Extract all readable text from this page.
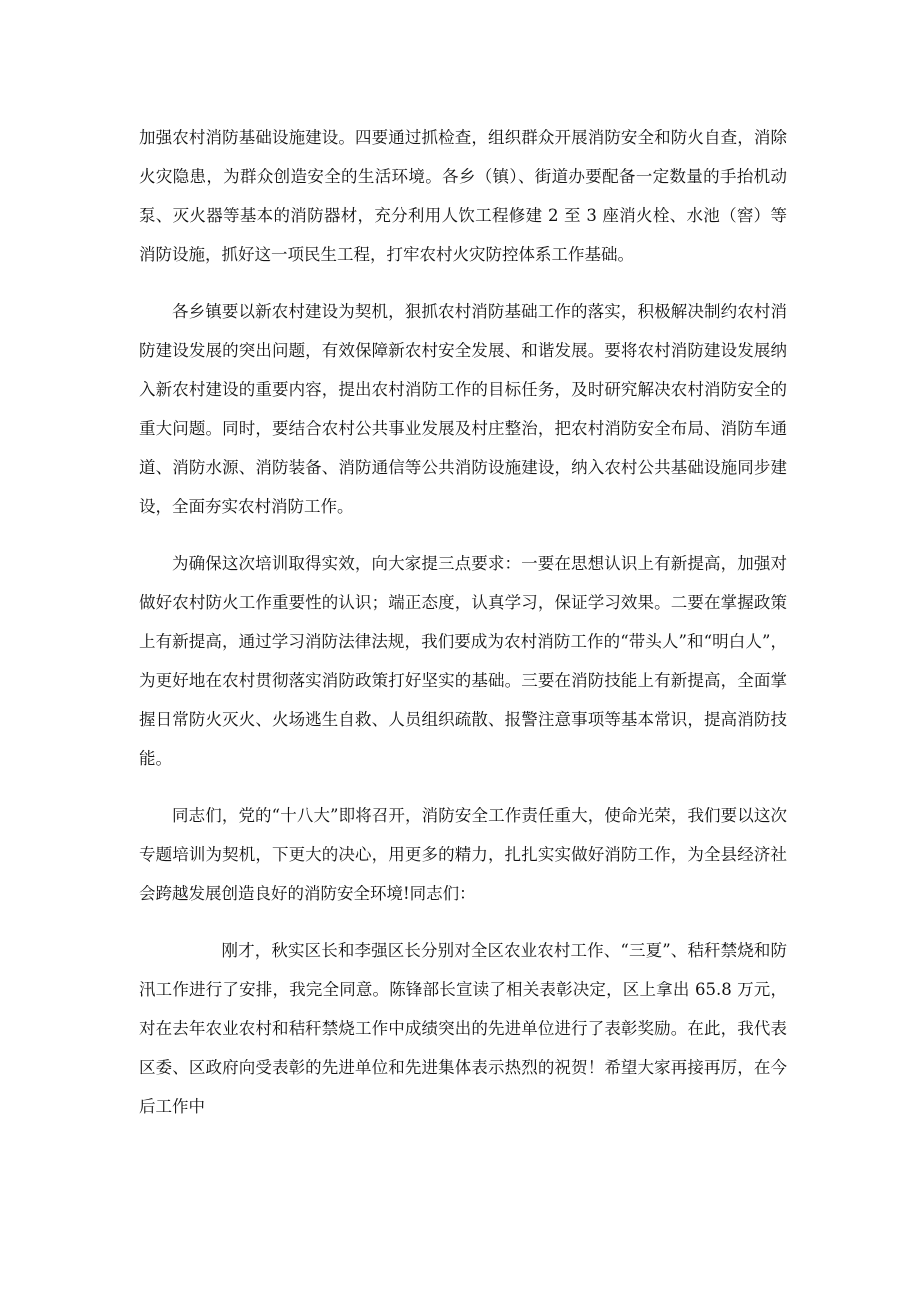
加强农村消防基础设施建设。四要通过抓检查，组织群众开展消防安全和防火自查，消除火灾隐患，为群众创造安全的生活环境。各乡（镇）、街道办要配备一定数量的手抬机动泵、灭火器等基本的消防器材，充分利用人饮工程修建 2 至 3 座消火栓、水池（窖）等消防设施，抓好这一项民生工程，打牢农村火灾防控体系工作基础。

各乡镇要以新农村建设为契机，狠抓农村消防基础工作的落实，积极解决制约农村消防建设发展的突出问题，有效保障新农村安全发展、和谐发展。要将农村消防建设发展纳入新农村建设的重要内容，提出农村消防工作的目标任务，及时研究解决农村消防安全的重大问题。同时，要结合农村公共事业发展及村庄整治，把农村消防安全布局、消防车通道、消防水源、消防装备、消防通信等公共消防设施建设，纳入农村公共基础设施同步建设，全面夯实农村消防工作。

为确保这次培训取得实效，向大家提三点要求：一要在思想认识上有新提高，加强对做好农村防火工作重要性的认识；端正态度，认真学习，保证学习效果。二要在掌握政策上有新提高，通过学习消防法律法规，我们要成为农村消防工作的“带头人”和“明白人”，为更好地在农村贯彻落实消防政策打好坚实的基础。三要在消防技能上有新提高，全面掌握日常防火灭火、火场逃生自救、人员组织疏散、报警注意事项等基本常识，提高消防技能。

同志们，党的“十八大”即将召开，消防安全工作责任重大，使命光荣，我们要以这次专题培训为契机，下更大的决心，用更多的精力，扎扎实实做好消防工作，为全县经济社会跨越发展创造良好的消防安全环境!同志们：

刚才，秋实区长和李强区长分别对全区农业农村工作、“三夏”、秸秆禁烧和防汛工作进行了安排，我完全同意。陈锋部长宣读了相关表彰决定，区上拿出 65.8 万元，对在去年农业农村和秸秆禁烧工作中成绩突出的先进单位进行了表彰奖励。在此，我代表区委、区政府向受表彰的先进单位和先进集体表示热烈的祝贺！希望大家再接再厉，在今后工作中
